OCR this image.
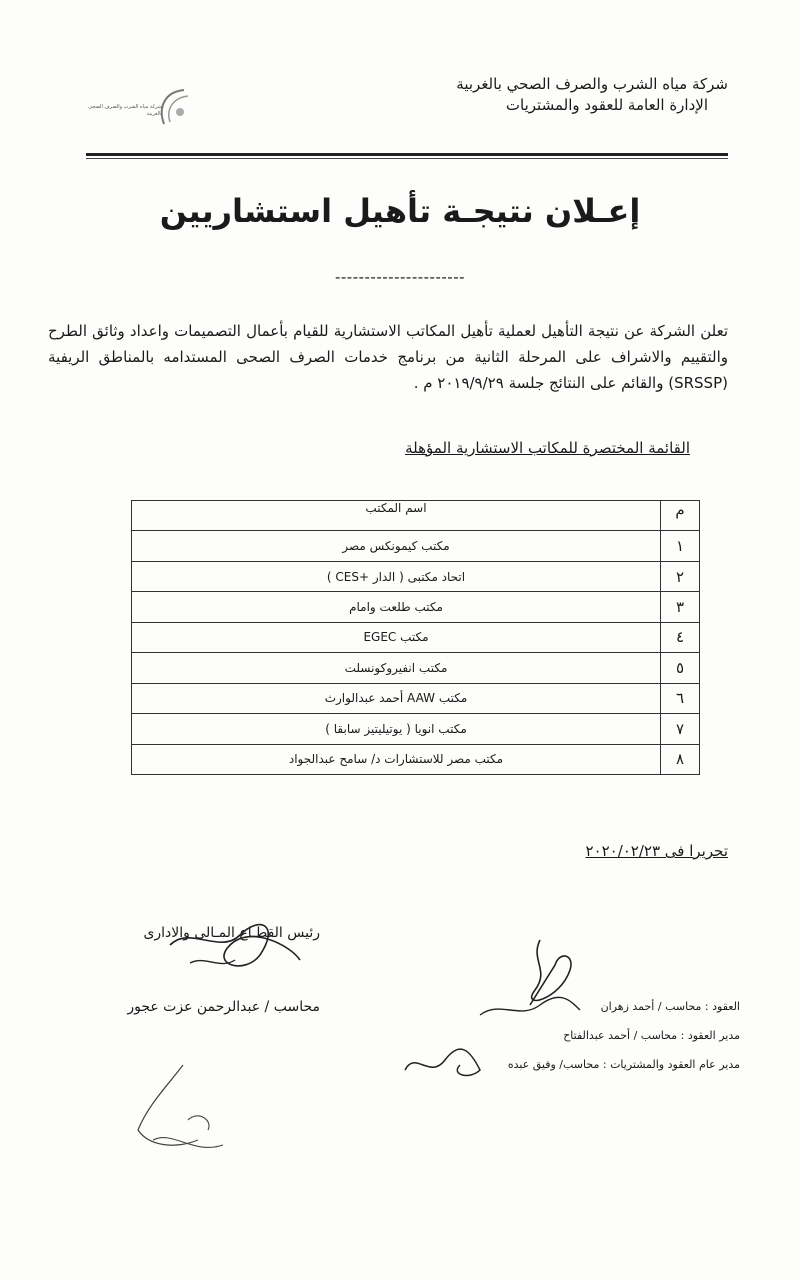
شركة مياه الشرب والصرف الصحي بالغربية
الإدارة العامة للعقود والمشتريات
شركة مياه الشرب والصرف الصحي
بالغربية
إعـلان نتيجـة تأهيل استشاريين
----------------------
تعلن الشركة عن نتيجة التأهيل لعملية تأهيل المكاتب الاستشارية للقيام بأعمال التصميمات واعداد وثائق الطرح والتقييم والاشراف على المرحلة الثانية من برنامج خدمات الصرف الصحى المستدامه بالمناطق الريفية (SRSSP) والقائم على النتائج جلسة ٢٠١٩/٩/٢٩ م .
القائمة المختصرة للمكاتب الاستشارية المؤهلة
م	اسم المكتب
١	مكتب كيمونكس مصر
٢	اتحاد مكتبى ( الدار +CES )
٣	مكتب طلعت وامام
٤	مكتب EGEC
٥	مكتب انفيروكونسلت
٦	مكتب AAW أحمد عبدالوارث
٧	مكتب انويا ( يوتيليتيز سابقا )
٨	مكتب مصر للاستشارات د/ سامح عبدالجواد
تحريرا فى ٢٠٢٠/٠٢/٢٣
رئيس القطـاع المـالى والادارى
محاسب / عبدالرحمن عزت عجور	العقود : محاسب / أحمد زهران
مدير العقود : محاسب / أحمد عبدالفتاح
مدير عام العقود والمشتريات : محاسب/ وفيق عبده
